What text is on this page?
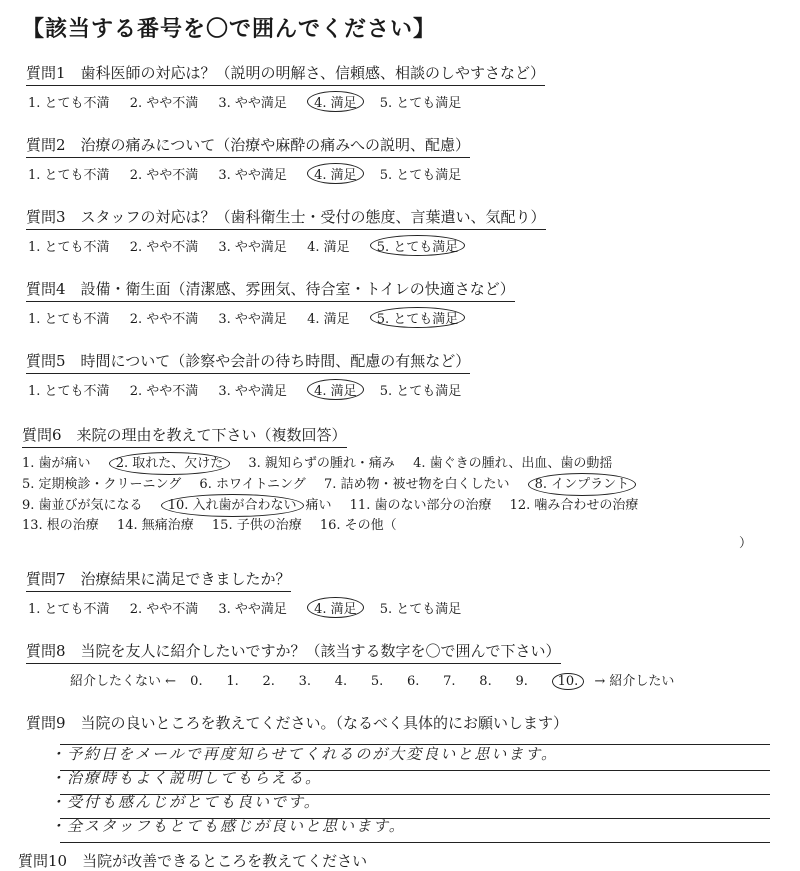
【該当する番号を〇で囲んでください】
質問1　歯科医師の対応は？（説明の明解さ、信頼感、相談のしやすさなど）
1. とても不満 2. やや不満 3. やや満足 4. 満足 5. とても満足
質問2　治療の痛みについて（治療や麻酔の痛みへの説明、配慮）
1. とても不満 2. やや不満 3. やや満足 4. 満足 5. とても満足
質問3　スタッフの対応は？（歯科衛生士・受付の態度、言葉遣い、気配り）
1. とても不満 2. やや不満 3. やや満足 4. 満足 5. とても満足
質問4　設備・衛生面（清潔感、雰囲気、待合室・トイレの快適さなど）
1. とても不満 2. やや不満 3. やや満足 4. 満足 5. とても満足
質問5　時間について（診察や会計の待ち時間、配慮の有無など）
1. とても不満 2. やや不満 3. やや満足 4. 満足 5. とても満足
質問6　来院の理由を教えて下さい（複数回答）
1. 歯が痛い 2. 取れた、欠けた 3. 親知らずの腫れ・痛み 4. 歯ぐきの腫れ、出血、歯の動揺
5. 定期検診・クリーニング 6. ホワイトニング 7. 詰め物・被せ物を白くしたい 8. インプラント
9. 歯並びが気になる 10. 入れ歯が合わない 痛い 11. 歯のない部分の治療 12. 噛み合わせの治療
13. 根の治療 14. 無痛治療 15. 子供の治療 16. その他（
）
質問7　治療結果に満足できましたか？
1. とても不満 2. やや不満 3. やや満足 4. 満足 5. とても満足
質問8　当院を友人に紹介したいですか？（該当する数字を〇で囲んで下さい）
紹介したくない ← 0. 1. 2. 3. 4. 5. 6. 7. 8. 9. 10. → 紹介したい
質問9　当院の良いところを教えてください。（なるべく具体的にお願いします）
・予約日をメールで再度知らせてくれるのが大変良いと思います。
・治療時もよく説明してもらえる。
・受付も感んじがとても良いです。
・全スタッフもとても感じが良いと思います。
質問10　当院が改善できるところを教えてください
